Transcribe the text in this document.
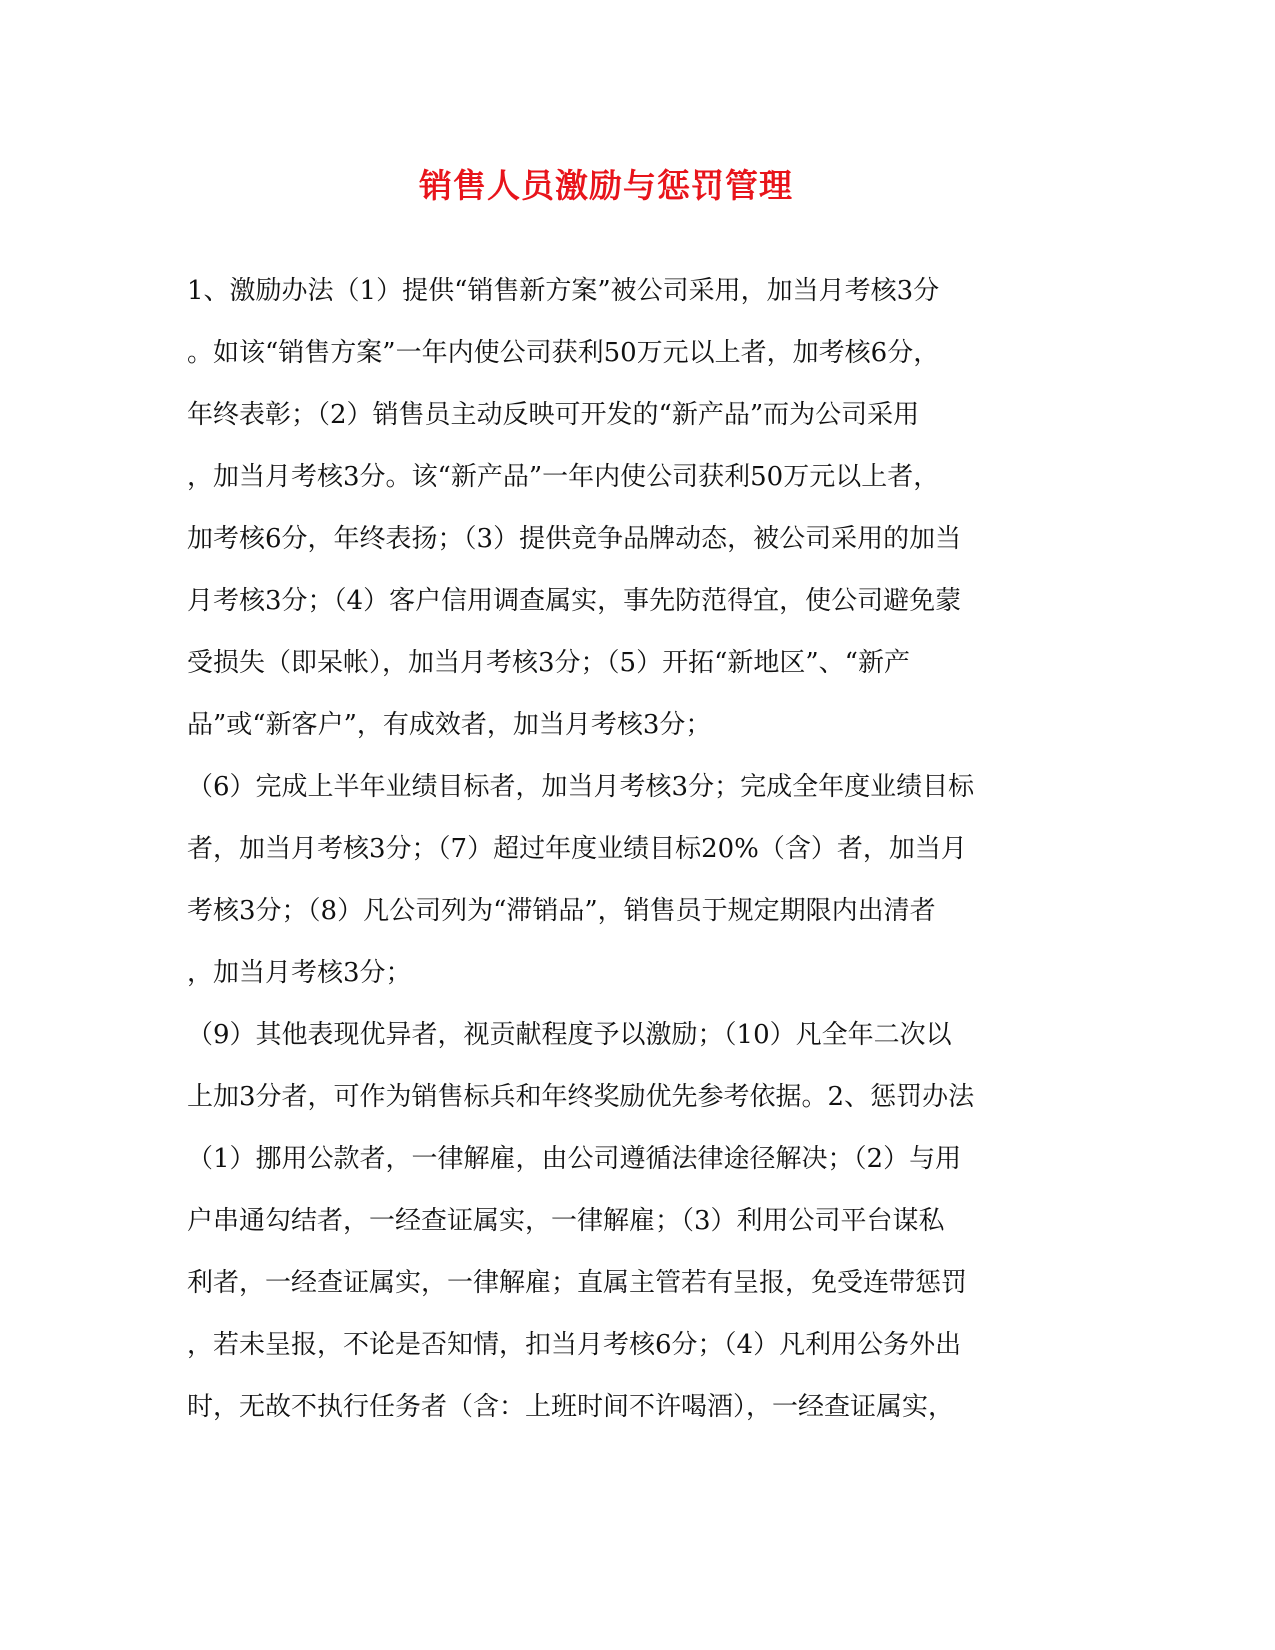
销售人员激励与惩罚管理
1、激励办法（1）提供“销售新方案”被公司采用，加当月考核3分
。如该“销售方案”一年内使公司获利50万元以上者，加考核6分，
年终表彰；（2）销售员主动反映可开发的“新产品”而为公司采用
，加当月考核3分。该“新产品”一年内使公司获利50万元以上者，
加考核6分，年终表扬；（3）提供竞争品牌动态，被公司采用的加当
月考核3分；（4）客户信用调查属实，事先防范得宜，使公司避免蒙
受损失（即呆帐），加当月考核3分；（5）开拓“新地区”、“新产
品”或“新客户”，有成效者，加当月考核3分；
（6）完成上半年业绩目标者，加当月考核3分；完成全年度业绩目标
者，加当月考核3分；（7）超过年度业绩目标20%（含）者，加当月
考核3分；（8）凡公司列为“滞销品”，销售员于规定期限内出清者
，加当月考核3分；
（9）其他表现优异者，视贡献程度予以激励；（10）凡全年二次以
上加3分者，可作为销售标兵和年终奖励优先参考依据。2、惩罚办法
（1）挪用公款者，一律解雇，由公司遵循法律途径解决；（2）与用
户串通勾结者，一经查证属实，一律解雇；（3）利用公司平台谋私
利者，一经查证属实，一律解雇；直属主管若有呈报，免受连带惩罚
，若未呈报，不论是否知情，扣当月考核6分；（4）凡利用公务外出
时，无故不执行任务者（含：上班时间不许喝酒），一经查证属实，
